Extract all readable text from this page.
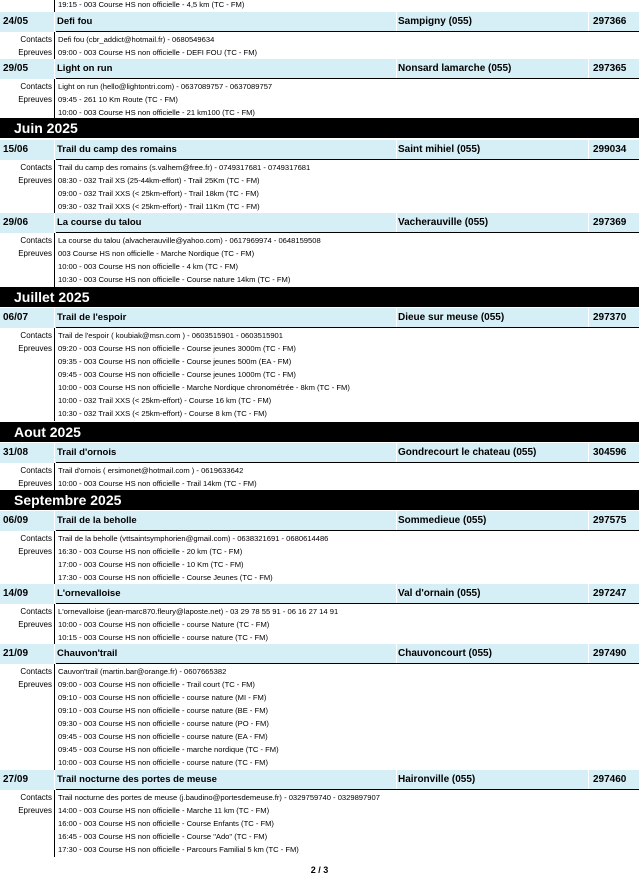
19:15 - 003 Course HS non officielle - 4,5 km (TC - FM)
24/05	Defi fou	Sampigny (055)	297366
Contacts Defi fou (cbr_addict@hotmail.fr) - 0680549634
Epreuves 09:00 - 003 Course HS non officielle - DEFI FOU (TC - FM)
29/05	Light on run	Nonsard lamarche (055)	297365
Contacts Light on run (hello@lightontri.com) - 0637089757 - 0637089757
Epreuves 09:45 - 261 10 Km Route (TC - FM)
10:00 - 003 Course HS non officielle - 21 km100 (TC - FM)
Juin 2025
15/06	Trail du camp des romains	Saint mihiel (055)	299034
Contacts Trail du camp des romains (s.valhem@free.fr) - 0749317681 - 0749317681
Epreuves 08:30 - 032 Trail XS (25-44km-effort) - Trail 25Km (TC - FM)
09:00 - 032 Trail XXS (< 25km-effort) - Trail 18km (TC - FM)
09:30 - 032 Trail XXS (< 25km-effort) - Trail 11Km (TC - FM)
29/06	La course du talou	Vacherauville (055)	297369
Contacts La course du talou (alvacherauville@yahoo.com) - 0617969974 - 0648159508
Epreuves 003 Course HS non officielle - Marche Nordique (TC - FM)
10:00 - 003 Course HS non officielle - 4 km (TC - FM)
10:30 - 003 Course HS non officielle - Course nature 14km (TC - FM)
Juillet 2025
06/07	Trail de l'espoir	Dieue sur meuse (055)	297370
Contacts Trail de l'espoir ( koubiak@msn.com ) - 0603515901 - 0603515901
Epreuves 09:20 - 003 Course HS non officielle - Course jeunes 3000m (TC - FM)
09:35 - 003 Course HS non officielle - Course jeunes 500m (EA - FM)
09:45 - 003 Course HS non officielle - Course jeunes 1000m (TC - FM)
10:00 - 003 Course HS non officielle - Marche Nordique chronométrée - 8km (TC - FM)
10:00 - 032 Trail XXS (< 25km-effort) - Course 16 km (TC - FM)
10:30 - 032 Trail XXS (< 25km-effort) - Course 8 km (TC - FM)
Aout 2025
31/08	Trail d'ornois	Gondrecourt le chateau (055)	304596
Contacts Trail d'ornois ( ersimonet@hotmail.com ) - 0619633642
Epreuves 10:00 - 003 Course HS non officielle - Trail 14km (TC - FM)
Septembre 2025
06/09	Trail de la beholle	Sommedieue (055)	297575
Contacts Trail de la beholle (vttsaintsymphorien@gmail.com) - 0638321691 - 0680614486
Epreuves 16:30 - 003 Course HS non officielle - 20 km (TC - FM)
17:00 - 003 Course HS non officielle - 10 Km (TC - FM)
17:30 - 003 Course HS non officielle - Course Jeunes (TC - FM)
14/09	L'ornevalloise	Val d'ornain (055)	297247
Contacts L'ornevalloise (jean-marc870.fleury@laposte.net) - 03 29 78 55 91 - 06 16 27 14 91
Epreuves 10:00 - 003 Course HS non officielle - course Nature (TC - FM)
10:15 - 003 Course HS non officielle - course nature (TC - FM)
21/09	Chauvon'trail	Chauvoncourt (055)	297490
Contacts Cauvon'trail (martin.bar@orange.fr) - 0607665382
Epreuves 09:00 - 003 Course HS non officielle - Trail court (TC - FM)
09:10 - 003 Course HS non officielle - course nature (MI - FM)
09:10 - 003 Course HS non officielle - course nature (BE - FM)
09:30 - 003 Course HS non officielle - course nature (PO - FM)
09:45 - 003 Course HS non officielle - course nature (EA - FM)
09:45 - 003 Course HS non officielle - marche nordique (TC - FM)
10:00 - 003 Course HS non officielle - course nature (TC - FM)
27/09	Trail nocturne des portes de meuse	Haironville (055)	297460
Contacts Trail nocturne des portes de meuse (j.baudino@portesdemeuse.fr) - 0329759740 - 0329897907
Epreuves 14:00 - 003 Course HS non officielle - Marche 11 km (TC - FM)
16:00 - 003 Course HS non officielle - Course Enfants (TC - FM)
16:45 - 003 Course HS non officielle - Course "Ado" (TC - FM)
17:30 - 003 Course HS non officielle - Parcours Familial 5 km (TC - FM)
2 / 3
